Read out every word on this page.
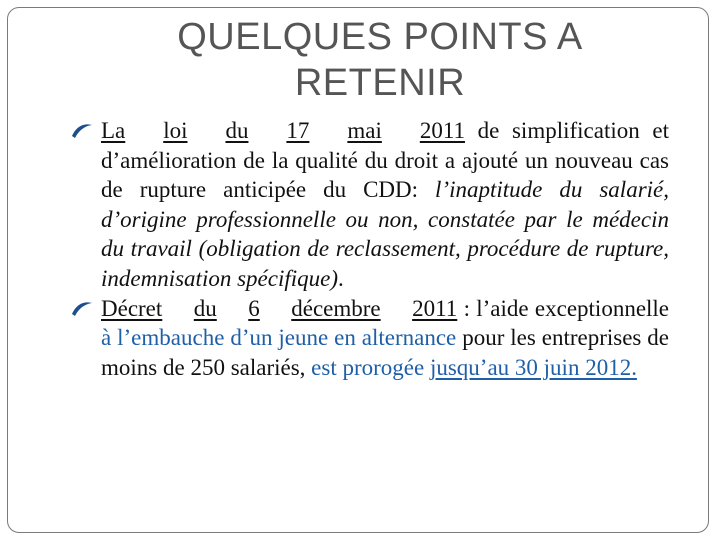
QUELQUES POINTS A
RETENIR

La loi du 17 mai 2011 de simplification et d’amélioration de la qualité du droit a ajouté un nouveau cas de rupture anticipée du CDD: l’inaptitude du salarié, d’origine professionnelle ou non, constatée par le médecin du travail (obligation de reclassement, procédure de rupture, indemnisation spécifique).

Décret du 6 décembre 2011 : l’aide exceptionnelle à l’embauche d’un jeune en alternance pour les entreprises de moins de 250 salariés, est prorogée jusqu’au 30 juin 2012.
